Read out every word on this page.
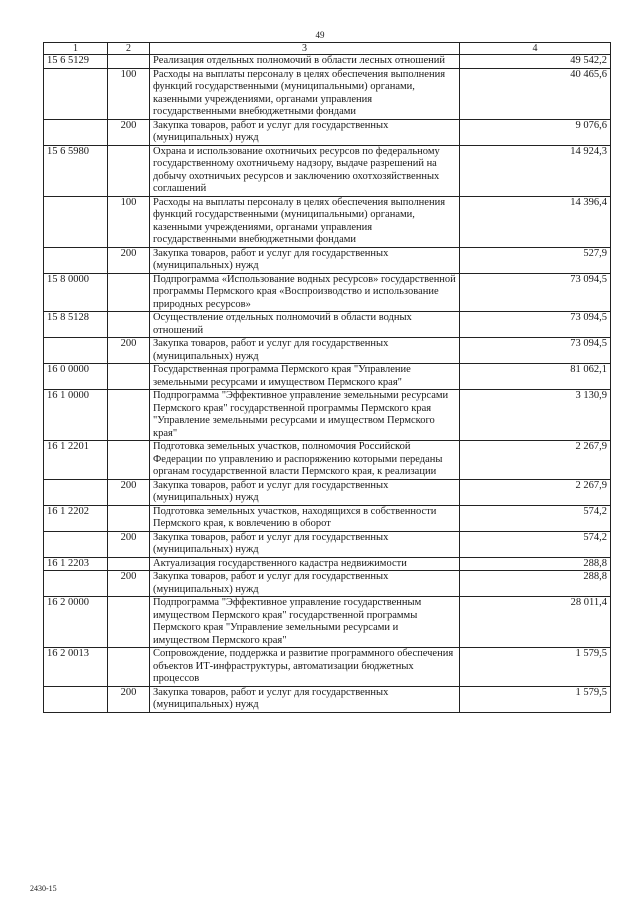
49
1	2	3	4
15 6 5129		Реализация отдельных полномочий в области лесных отношений	49 542,2
	100	Расходы на выплаты персоналу в целях обеспечения выполнения функций государственными (муниципальными) органами, казенными учреждениями, органами управления государственными внебюджетными фондами	40 465,6
	200	Закупка товаров, работ и услуг для государственных (муниципальных) нужд	9 076,6
15 6 5980		Охрана и использование охотничьих ресурсов по федеральному государственному охотничьему надзору, выдаче разрешений на добычу охотничьих ресурсов и заключению охотхозяйственных соглашений	14 924,3
	100	Расходы на выплаты персоналу в целях обеспечения выполнения функций государственными (муниципальными) органами, казенными учреждениями, органами управления государственными внебюджетными фондами	14 396,4
	200	Закупка товаров, работ и услуг для государственных (муниципальных) нужд	527,9
15 8 0000		Подпрограмма «Использование водных ресурсов» государственной программы Пермского края «Воспроизводство и использование природных ресурсов»	73 094,5
15 8 5128		Осуществление отдельных полномочий в области водных отношений	73 094,5
	200	Закупка товаров, работ и услуг для государственных (муниципальных) нужд	73 094,5
16 0 0000		Государственная программа Пермского края "Управление земельными ресурсами и имуществом Пермского края"	81 062,1
16 1 0000		Подпрограмма "Эффективное управление земельными ресурсами Пермского края" государственной программы Пермского края "Управление земельными ресурсами и имуществом Пермского края"	3 130,9
16 1 2201		Подготовка земельных участков, полномочия Российской Федерации по управлению и распоряжению которыми переданы органам государственной власти Пермского края, к реализации	2 267,9
	200	Закупка товаров, работ и услуг для государственных (муниципальных) нужд	2 267,9
16 1 2202		Подготовка земельных участков, находящихся в собственности Пермского края, к вовлечению в оборот	574,2
	200	Закупка товаров, работ и услуг для государственных (муниципальных) нужд	574,2
16 1 2203		Актуализация государственного кадастра недвижимости	288,8
	200	Закупка товаров, работ и услуг для государственных (муниципальных) нужд	288,8
16 2 0000		Подпрограмма "Эффективное управление государственным имуществом Пермского края" государственной программы Пермского края "Управление земельными ресурсами и имуществом Пермского края"	28 011,4
16 2 0013		Сопровождение, поддержка и развитие программного обеспечения объектов ИТ-инфраструктуры, автоматизации бюджетных процессов	1 579,5
	200	Закупка товаров, работ и услуг для государственных (муниципальных) нужд	1 579,5
2430-15
